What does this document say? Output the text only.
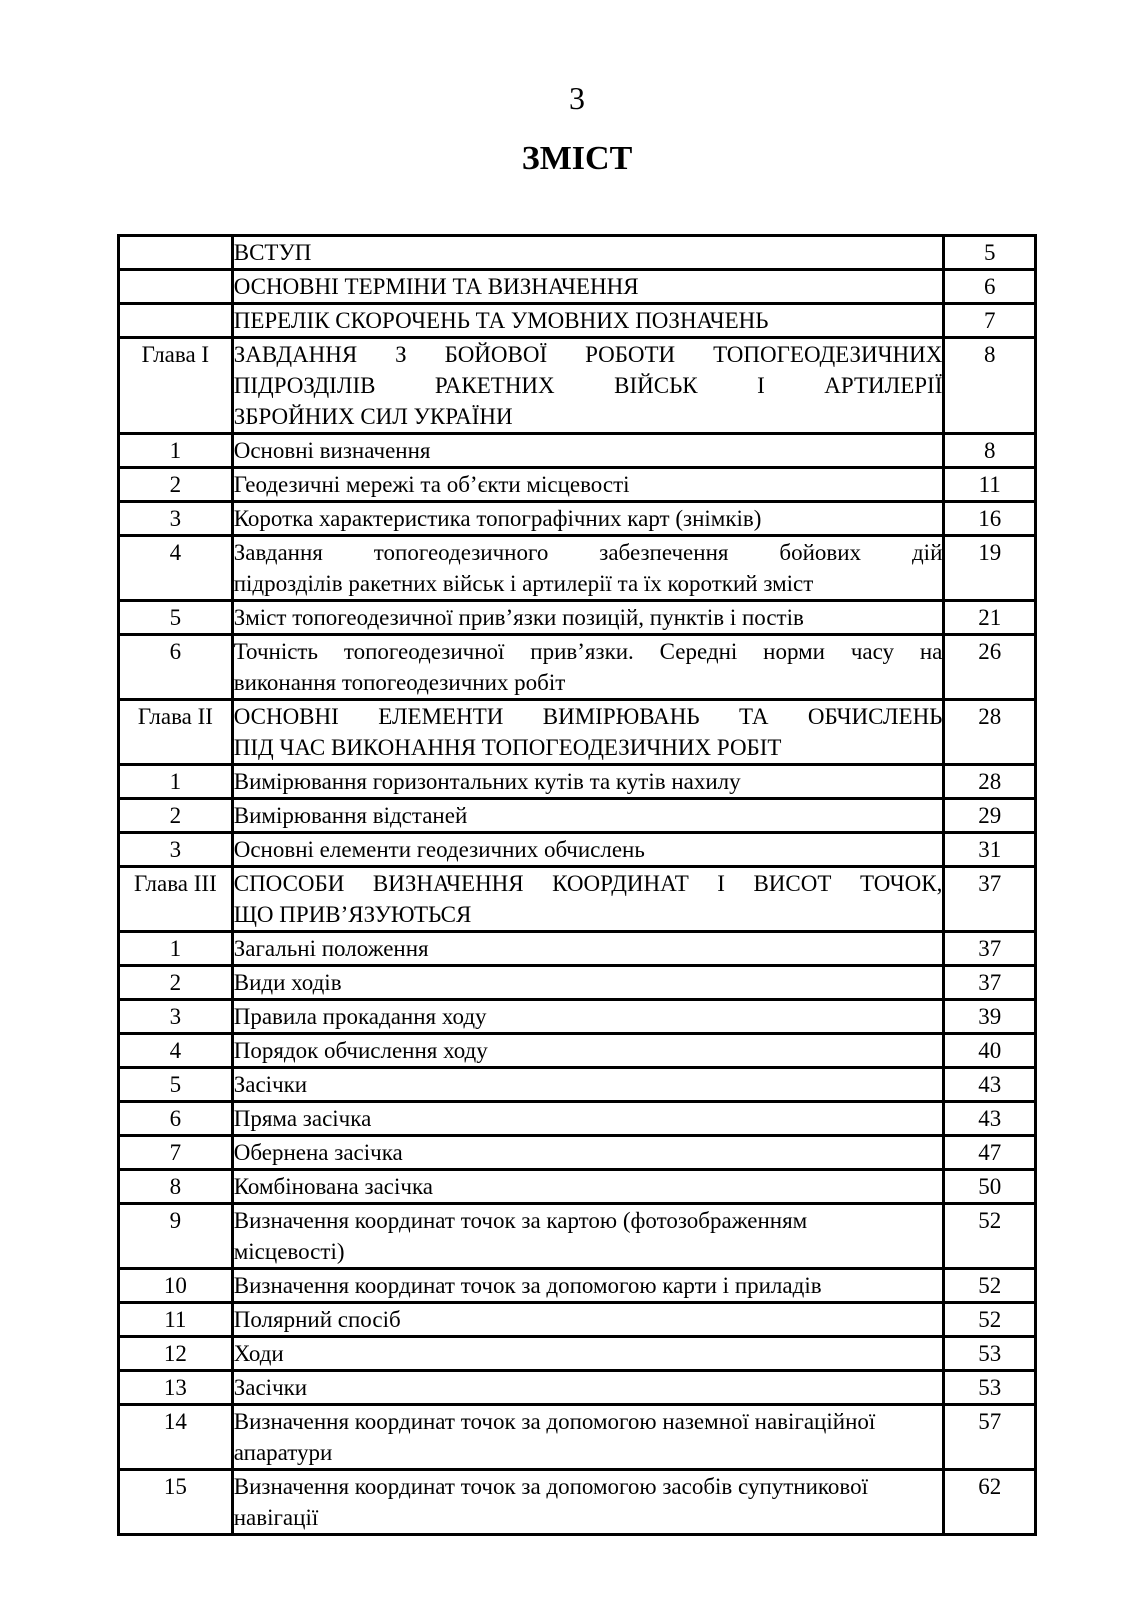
3
ЗМІСТ

	ВСТУП	5

	ОСНОВНІ ТЕРМІНИ ТА ВИЗНАЧЕННЯ	6

	ПЕРЕЛІК СКОРОЧЕНЬ ТА УМОВНИХ ПОЗНАЧЕНЬ	7
Глава I	ЗАВДАННЯ З БОЙОВОЇ РОБОТИ ТОПОГЕОДЕЗИЧНИХ
ПІДРОЗДІЛІВ РАКЕТНИХ ВІЙСЬК І АРТИЛЕРІЇ
ЗБРОЙНИХ СИЛ УКРАЇНИ	8
1	Основні визначення	8
2	Геодезичні мережі та об’єкти місцевості	11
3	Коротка характеристика топографічних карт (знімків)	16
4	Завдання топогеодезичного забезпечення бойових дій
підрозділів ракетних військ і артилерії та їх короткий зміст	19
5	Зміст топогеодезичної прив’язки позицій, пунктів і постів	21
6	Точність топогеодезичної прив’язки. Середні норми часу на
виконання топогеодезичних робіт	26
Глава II	ОСНОВНІ ЕЛЕМЕНТИ ВИМІРЮВАНЬ ТА ОБЧИСЛЕНЬ
ПІД ЧАС ВИКОНАННЯ ТОПОГЕОДЕЗИЧНИХ РОБІТ	28
1	Вимірювання горизонтальних кутів та кутів нахилу	28
2	Вимірювання відстаней	29
3	Основні елементи геодезичних обчислень	31
Глава III	СПОСОБИ ВИЗНАЧЕННЯ КООРДИНАТ І ВИСОТ ТОЧОК,
ЩО ПРИВ’ЯЗУЮТЬСЯ	37
1	Загальні положення	37
2	Види ходів	37
3	Правила прокадання ходу	39
4	Порядок обчислення ходу	40
5	Засічки	43
6	Пряма засічка	43
7	Обернена засічка	47
8	Комбінована засічка	50
9	Визначення координат точок за картою (фотозображенням
місцевості)	52
10	Визначення координат точок за допомогою карти і приладів	52
11	Полярний спосіб	52
12	Ходи	53
13	Засічки	53
14	Визначення координат точок за допомогою наземної навігаційної
апаратури	57
15	Визначення координат точок за допомогою засобів супутникової
навігації	62
